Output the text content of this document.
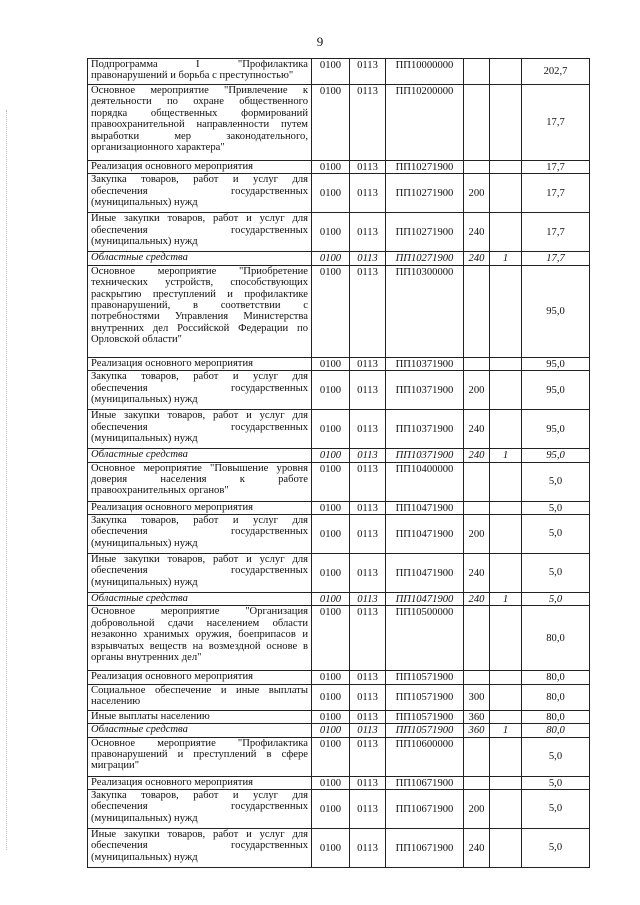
9
Подпрограмма I "Профилактика правонарушений и борьба с преступностью"	0100	0113	ПП10000000			202,7
Основное мероприятие "Привлечение к деятельности по охране общественного порядка общественных формирований правоохранительной направленности путем выработки мер законодательного, организационного характера"	0100	0113	ПП10200000			17,7
Реализация основного мероприятия	0100	0113	ПП10271900			17,7
Закупка товаров, работ и услуг для обеспечения государственных (муниципальных) нужд	0100	0113	ПП10271900	200		17,7
Иные закупки товаров, работ и услуг для обеспечения государственных (муниципальных) нужд	0100	0113	ПП10271900	240		17,7
Областные средства	0100	0113	ПП10271900	240	1	17,7
Основное мероприятие "Приобретение технических устройств, способствующих раскрытию преступлений и профилактике правонарушений, в соответствии с потребностями Управления Министерства внутренних дел Российской Федерации по Орловской области"	0100	0113	ПП10300000			95,0
Реализация основного мероприятия	0100	0113	ПП10371900			95,0
Закупка товаров, работ и услуг для обеспечения государственных (муниципальных) нужд	0100	0113	ПП10371900	200		95,0
Иные закупки товаров, работ и услуг для обеспечения государственных (муниципальных) нужд	0100	0113	ПП10371900	240		95,0
Областные средства	0100	0113	ПП10371900	240	1	95,0
Основное мероприятие "Повышение уровня доверия населения к работе правоохранительных органов"	0100	0113	ПП10400000			5,0
Реализация основного мероприятия	0100	0113	ПП10471900			5,0
Закупка товаров, работ и услуг для обеспечения государственных (муниципальных) нужд	0100	0113	ПП10471900	200		5,0
Иные закупки товаров, работ и услуг для обеспечения государственных (муниципальных) нужд	0100	0113	ПП10471900	240		5,0
Областные средства	0100	0113	ПП10471900	240	1	5,0
Основное мероприятие "Организация добровольной сдачи населением области незаконно хранимых оружия, боеприпасов и взрывчатых веществ на возмездной основе в органы внутренних дел"	0100	0113	ПП10500000			80,0
Реализация основного мероприятия	0100	0113	ПП10571900			80,0
Социальное обеспечение и иные выплаты населению	0100	0113	ПП10571900	300		80,0
Иные выплаты населению	0100	0113	ПП10571900	360		80,0
Областные средства	0100	0113	ПП10571900	360	1	80,0
Основное мероприятие "Профилактика правонарушений и преступлений в сфере миграции"	0100	0113	ПП10600000			5,0
Реализация основного мероприятия	0100	0113	ПП10671900			5,0
Закупка товаров, работ и услуг для обеспечения государственных (муниципальных) нужд	0100	0113	ПП10671900	200		5,0
Иные закупки товаров, работ и услуг для обеспечения государственных (муниципальных) нужд	0100	0113	ПП10671900	240		5,0
